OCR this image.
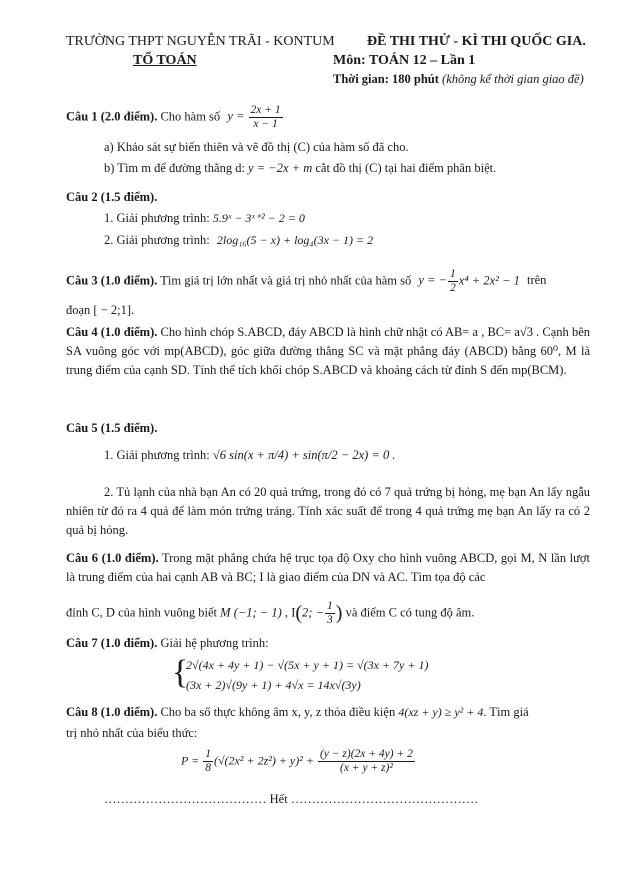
TRƯỜNG THPT NGUYỄN TRÃI - KONTUM ĐỀ THI THỬ - KÌ THI QUỐC GIA.
TỔ TOÁN	Môn: TOÁN 12 – Lần 1
Thời gian: 180 phút (không kể thời gian giao đề)
Câu 1 (2.0 điểm). Cho hàm số $y = \frac{2x + 1}{x - 1}$
a) Khảo sát sự biến thiên và vẽ đồ thị (C) của hàm số đã cho.
b) Tìm m để đường thẳng d: y = −2x + m cắt đồ thị (C) tại hai điểm phân biệt.
Câu 2 (1.5 điểm).
1. Giải phương trình: 5.9ˣ − 3ˣ⁺² − 2 = 0
2. Giải phương trình: 2log₁₆(5 − x) + log₄(3x − 1) = 2
Câu 3 (1.0 điểm). Tìm giá trị lớn nhất và giá trị nhỏ nhất của hàm số y = − $\frac{1}{2} x^4 + 2x^2 - 1$ trên
đoạn [ − 2;1].
Câu 4 (1.0 điểm). Cho hình chóp S.ABCD, đáy ABCD là hình chữ nhật có AB= a , BC= a√3 . Cạnh bên SA vuông góc với mp(ABCD), góc giữa đường thẳng SC và mặt phẳng đáy (ABCD) bằng 60⁰, M là trung điểm của cạnh SD. Tính thể tích khối chóp S.ABCD và khoảng cách từ đỉnh S đến mp(BCM).
Câu 5 (1.5 điểm).
1. Giải phương trình: √6 sin(x + π/4) + sin(π/2 − 2x) = 0 .
2. Tủ lạnh của nhà bạn An có 20 quả trứng, trong đó có 7 quả trứng bị hỏng, mẹ bạn An lấy ngẫu nhiên từ đó ra 4 quả để làm món trứng tráng. Tính xác suất để trong 4 quả trứng mẹ bạn An lấy ra có 2 quả bị hỏng.
Câu 6 (1.0 điểm). Trong mặt phẳng chứa hệ trục tọa độ Oxy cho hình vuông ABCD, gọi M, N lần lượt là trung điểm của hai cạnh AB và BC; I là giao điểm của DN và AC. Tìm tọa độ các
đỉnh C, D của hình vuông biết M (−1; − 1) , I(2; − $\frac{1}{3}$ ) và điểm C có tung độ âm.
Câu 7 (1.0 điểm). Giải hệ phương trình:
{
2√(4x + 4y + 1) − √(5x + y + 1) = √(3x + 7y + 1)
(3x + 2)√(9y + 1) + 4√x = 14x√(3y)
Câu 8 (1.0 điểm). Cho ba số thực không âm x, y, z thỏa điều kiện 4(xz + y) ≥ y² + 4. Tìm giá
trị nhỏ nhất của biểu thức:
$P = \frac{1}{8} (√(2x^2 + 2z^2) + y)^2 + \frac{(y - z)(2x + 4y) + 2}{\text{(x + y + z)²}}$
………………………………… Hết ………………………………………
